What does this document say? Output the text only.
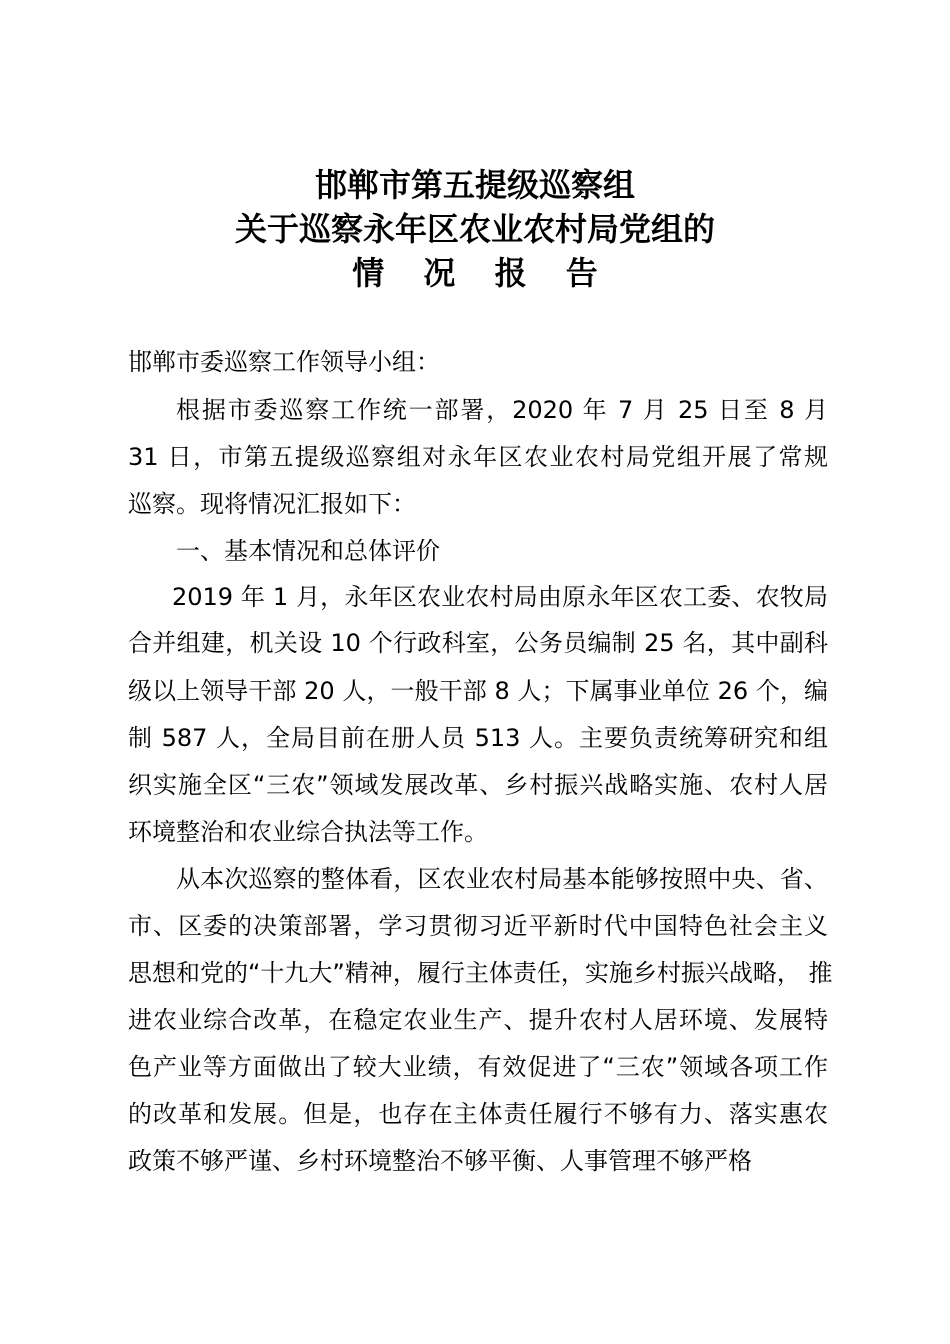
邯郸市第五提级巡察组
关于巡察永年区农业农村局党组的
情 况 报 告
邯郸市委巡察工作领导小组：
根据市委巡察工作统一部署，2020 年 7 月 25 日至 8 月
31 日，市第五提级巡察组对永年区农业农村局党组开展了常规
巡察。现将情况汇报如下：
一、基本情况和总体评价
2019 年 1 月，永年区农业农村局由原永年区农工委、农牧局
合并组建，机关设 10 个行政科室，公务员编制 25 名，其中副科
级以上领导干部 20 人，一般干部 8 人；下属事业单位 26 个，编
制 587 人，全局目前在册人员 513 人。主要负责统筹研究和组
织实施全区“三农”领域发展改革、乡村振兴战略实施、农村人居
环境整治和农业综合执法等工作。
从本次巡察的整体看，区农业农村局基本能够按照中央、省、
市、区委的决策部署，学习贯彻习近平新时代中国特色社会主义
思想和党的“十九大”精神，履行主体责任，实施乡村振兴战略， 推
进农业综合改革，在稳定农业生产、提升农村人居环境、发展特
色产业等方面做出了较大业绩，有效促进了“三农”领域各项工作
的改革和发展。但是，也存在主体责任履行不够有力、落实惠农
政策不够严谨、乡村环境整治不够平衡、人事管理不够严格
